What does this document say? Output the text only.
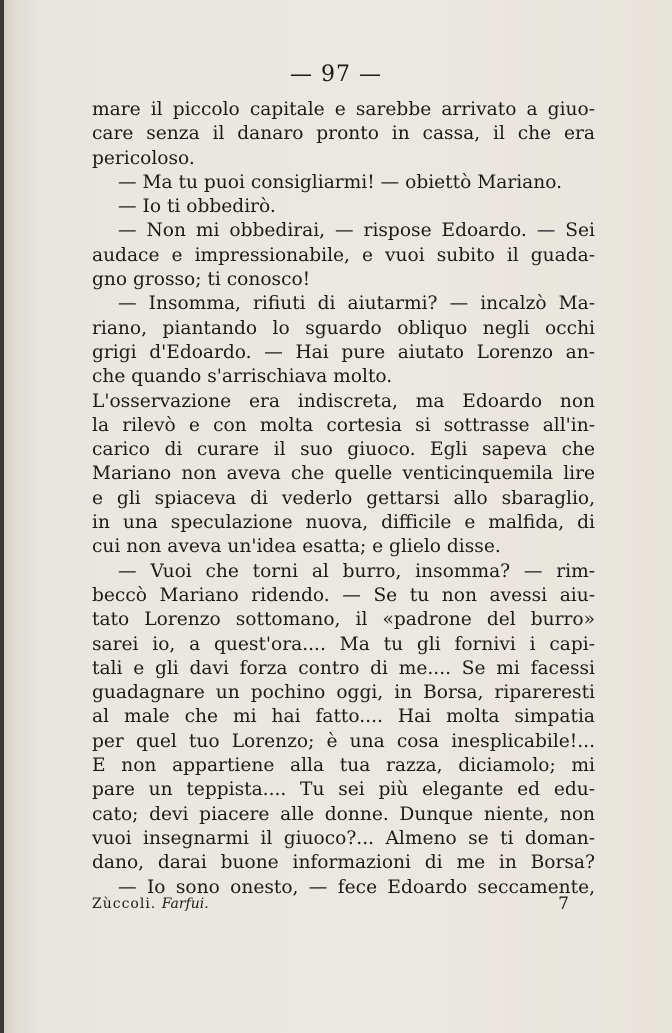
— 97 —
mare il piccolo capitale e sarebbe arrivato a giuo-
care senza il danaro pronto in cassa, il che era
pericoloso.
— Ma tu puoi consigliarmi! — obiettò Mariano.
— Io ti obbedirò.
— Non mi obbedirai, — rispose Edoardo. — Sei
audace e impressionabile, e vuoi subito il guada-
gno grosso; ti conosco!
— Insomma, rifiuti di aiutarmi? — incalzò Ma-
riano, piantando lo sguardo obliquo negli occhi
grigi d'Edoardo. — Hai pure aiutato Lorenzo an-
che quando s'arrischiava molto.
L'osservazione era indiscreta, ma Edoardo non
la rilevò e con molta cortesia si sottrasse all'in-
carico di curare il suo giuoco. Egli sapeva che
Mariano non aveva che quelle venticinquemila lire
e gli spiaceva di vederlo gettarsi allo sbaraglio,
in una speculazione nuova, difficile e malfida, di
cui non aveva un'idea esatta; e glielo disse.
— Vuoi che torni al burro, insomma? — rim-
beccò Mariano ridendo. — Se tu non avessi aiu-
tato Lorenzo sottomano, il «padrone del burro»
sarei io, a quest'ora.... Ma tu gli fornivi i capi-
tali e gli davi forza contro di me.... Se mi facessi
guadagnare un pochino oggi, in Borsa, ripareresti
al male che mi hai fatto.... Hai molta simpatia
per quel tuo Lorenzo; è una cosa inesplicabile!...
E non appartiene alla tua razza, diciamolo; mi
pare un teppista.... Tu sei più elegante ed edu-
cato; devi piacere alle donne. Dunque niente, non
vuoi insegnarmi il giuoco?... Almeno se ti doman-
dano, darai buone informazioni di me in Borsa?
— Io sono onesto, — fece Edoardo seccamente,
Zùccoli. Farfui.	7
